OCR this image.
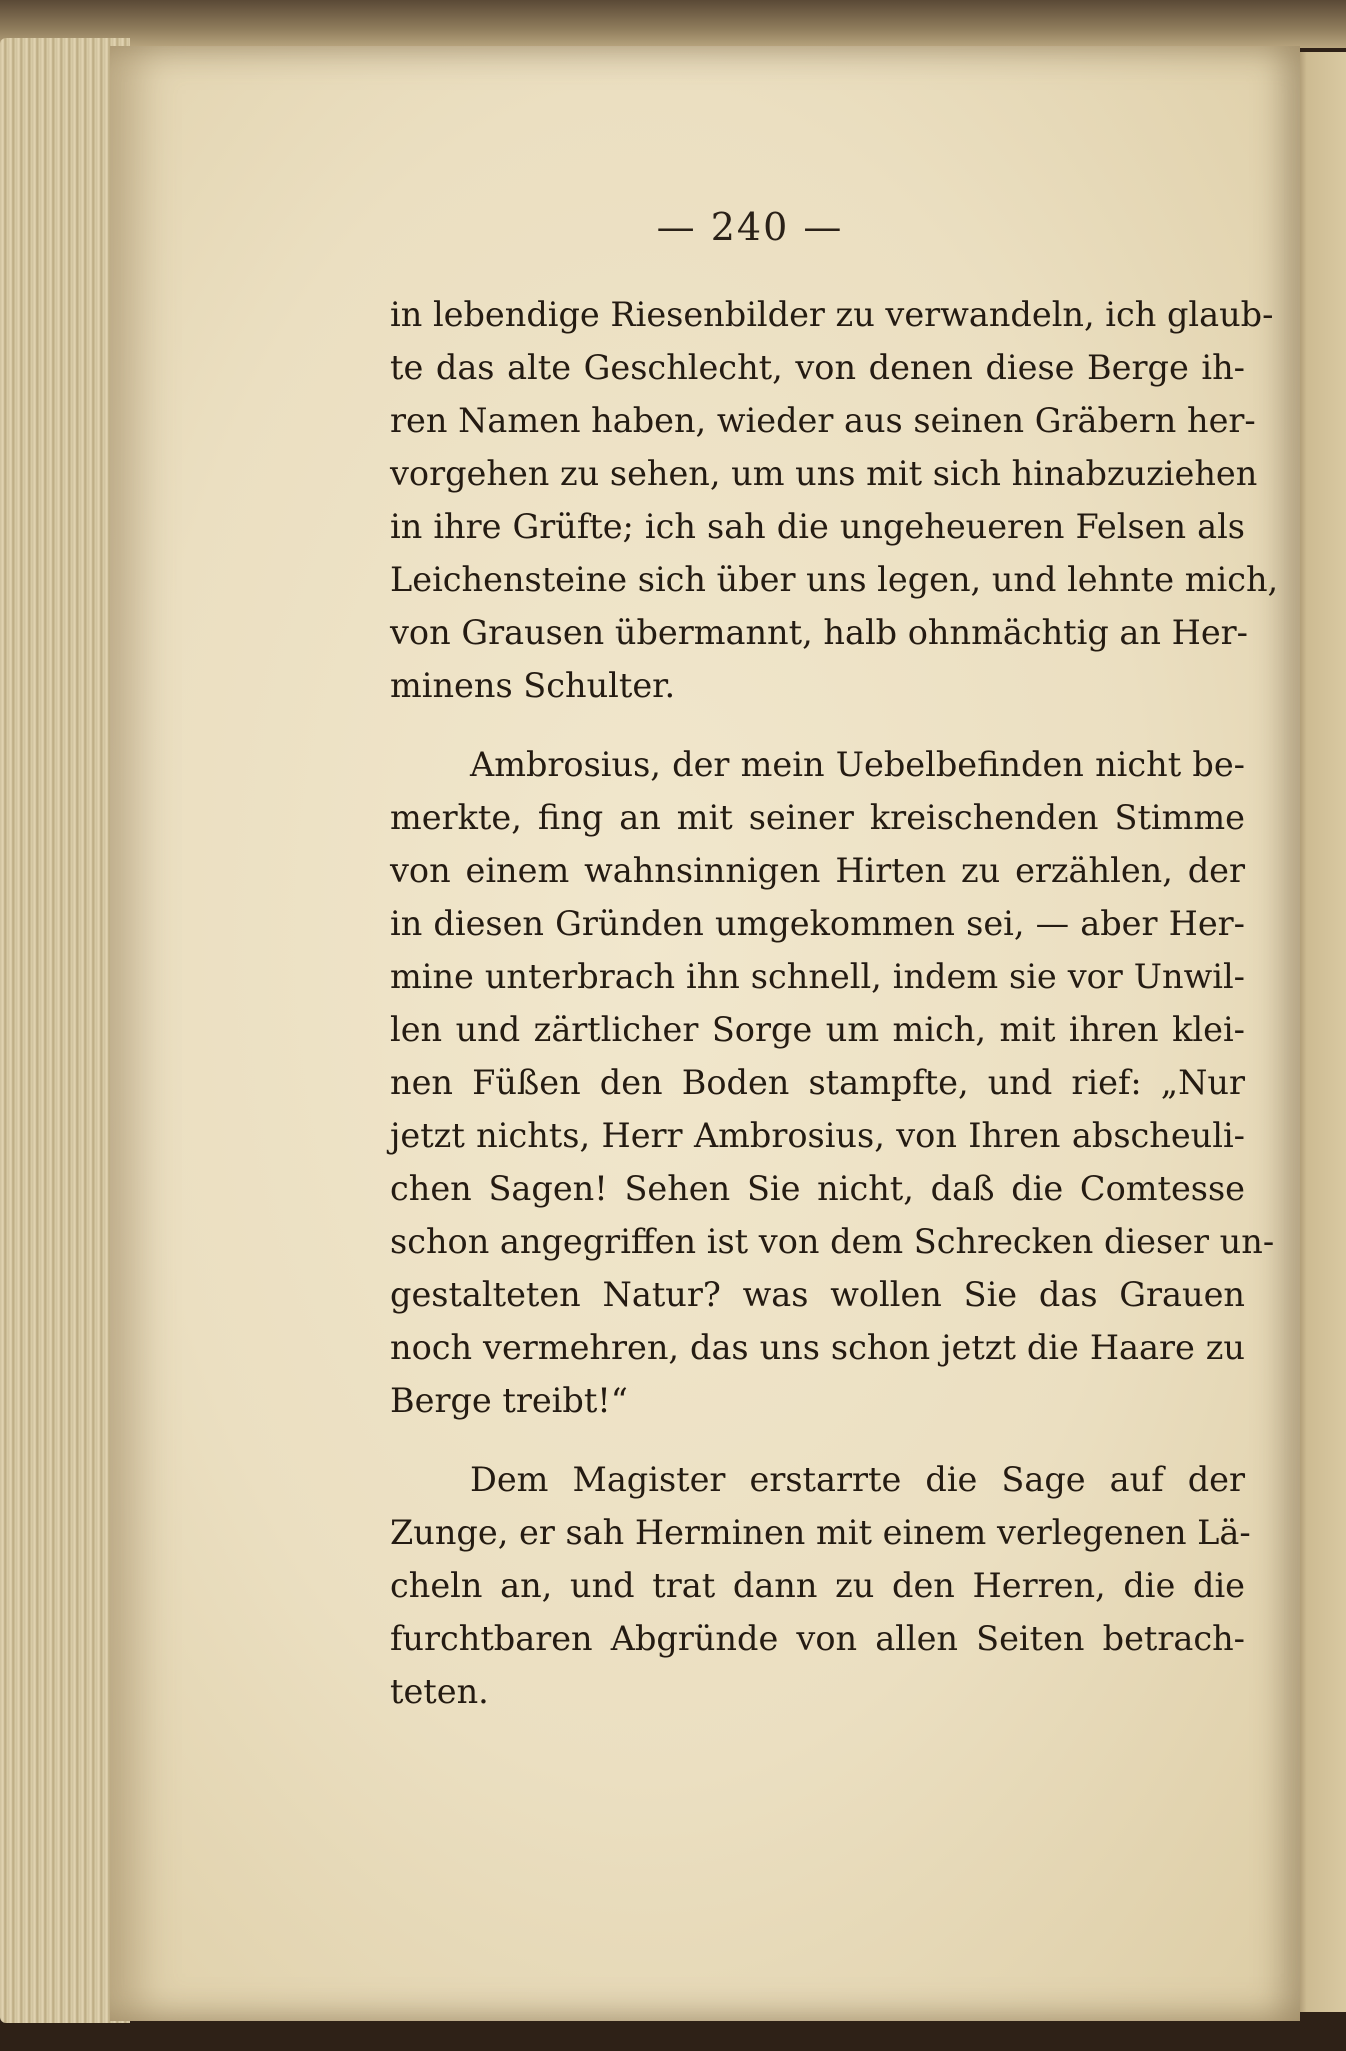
— 240 —

in lebendige Riesenbilder zu verwandeln, ich glaub-
te das alte Geschlecht, von denen diese Berge ih-
ren Namen haben, wieder aus seinen Gräbern her-
vorgehen zu sehen, um uns mit sich hinabzuziehen
in ihre Grüfte; ich sah die ungeheueren Felsen als
Leichensteine sich über uns legen, und lehnte mich,
von Grausen übermannt, halb ohnmächtig an Her-
minens Schulter.

Ambrosius, der mein Uebelbefinden nicht be-
merkte, fing an mit seiner kreischenden Stimme
von einem wahnsinnigen Hirten zu erzählen, der
in diesen Gründen umgekommen sei, — aber Her-
mine unterbrach ihn schnell, indem sie vor Unwil-
len und zärtlicher Sorge um mich, mit ihren klei-
nen Füßen den Boden stampfte, und rief: „Nur
jetzt nichts, Herr Ambrosius, von Ihren abscheuli-
chen Sagen! Sehen Sie nicht, daß die Comtesse
schon angegriffen ist von dem Schrecken dieser un-
gestalteten Natur? was wollen Sie das Grauen
noch vermehren, das uns schon jetzt die Haare zu
Berge treibt!“

Dem Magister erstarrte die Sage auf der
Zunge, er sah Herminen mit einem verlegenen Lä-
cheln an, und trat dann zu den Herren, die die
furchtbaren Abgründe von allen Seiten betrach-
teten.
